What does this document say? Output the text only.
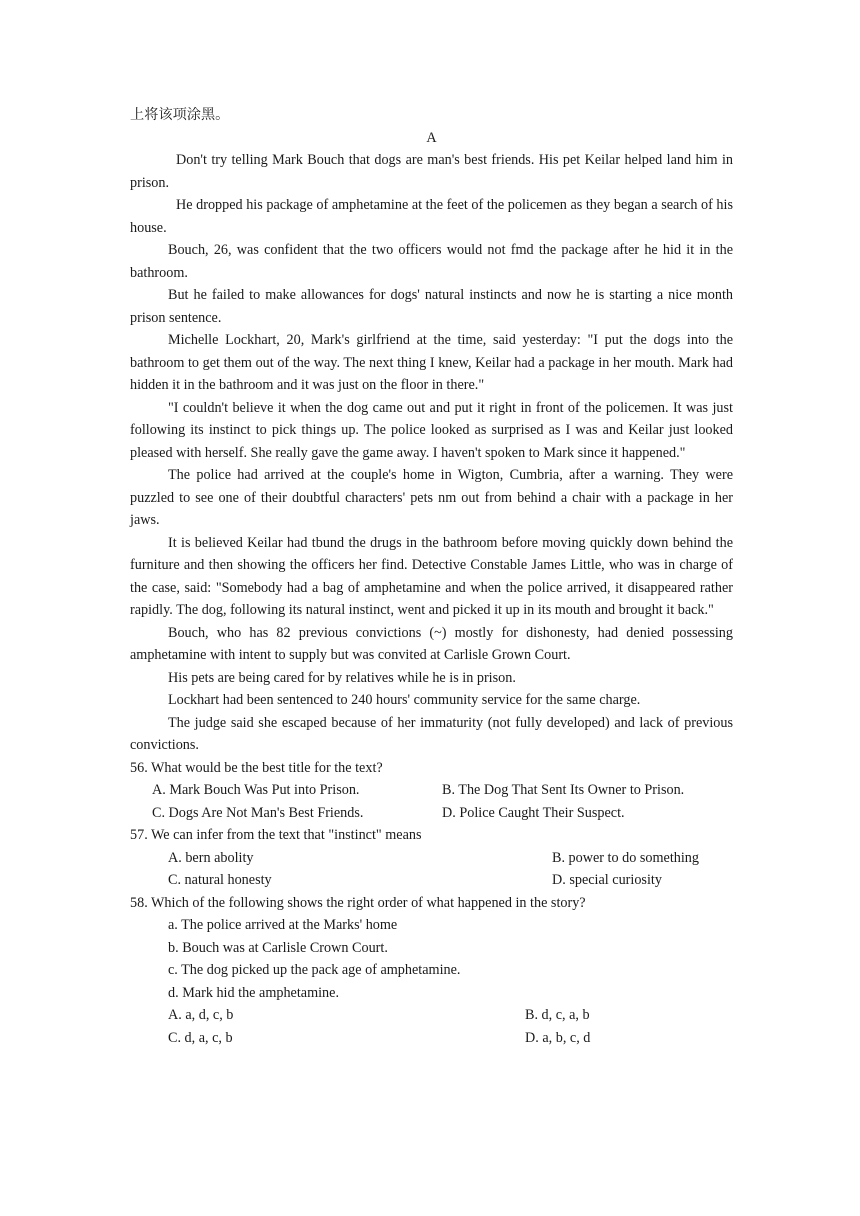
上将该项涂黑。

A

Don't try telling Mark Bouch that dogs are man's best friends. His pet Keilar helped land him in prison.

He dropped his package of amphetamine at the feet of the policemen as they began a search of his house.

Bouch, 26, was confident that the two officers would not fmd the package after he hid it in the bathroom.

But he failed to make allowances for dogs' natural instincts and now he is starting a nice month prison sentence.

Michelle Lockhart, 20, Mark's girlfriend at the time, said yesterday: "I put the dogs into the bathroom to get them out of the way. The next thing I knew, Keilar had a package in her mouth. Mark had hidden it in the bathroom and it was just on the floor in there."

"I couldn't believe it when the dog came out and put it right in front of the policemen. It was just following its instinct to pick things up. The police looked as surprised as I was and Keilar just looked pleased with herself. She really gave the game away. I haven't spoken to Mark since it happened."

The police had arrived at the couple's home in Wigton, Cumbria, after a warning. They were puzzled to see one of their doubtful characters' pets nm out from behind a chair with a package in her jaws.

It is believed Keilar had tbund the drugs in the bathroom before moving quickly down behind the furniture and then showing the officers her find. Detective Constable James Little, who was in charge of the case, said: "Somebody had a bag of amphetamine and when the police arrived, it disappeared rather rapidly. The dog, following its natural instinct, went and picked it up in its mouth and brought it back."

Bouch, who has 82 previous convictions (~) mostly for dishonesty, had denied possessing amphetamine with intent to supply but was convited at Carlisle Grown Court.

His pets are being cared for by relatives while he is in prison.

Lockhart had been sentenced to 240 hours' community service for the same charge.

The judge said she escaped because of her immaturity (not fully developed) and lack of previous convictions.

56. What would be the best title for the text?

A. Mark Bouch Was Put into Prison.	B. The Dog That Sent Its Owner to Prison.
C. Dogs Are Not Man's Best Friends.	D. Police Caught Their Suspect.

57. We can infer from the text that "instinct" means

A. bern abolity	B. power to do something
C. natural honesty	D. special curiosity

58. Which of the following shows the right order of what happened in the story?

a. The police arrived at the Marks' home

b. Bouch was at Carlisle Crown Court.

c. The dog picked up the pack age of amphetamine.

d. Mark hid the amphetamine.

A. a, d, c, b	B. d, c, a, b
C. d, a, c, b	D. a, b, c, d
